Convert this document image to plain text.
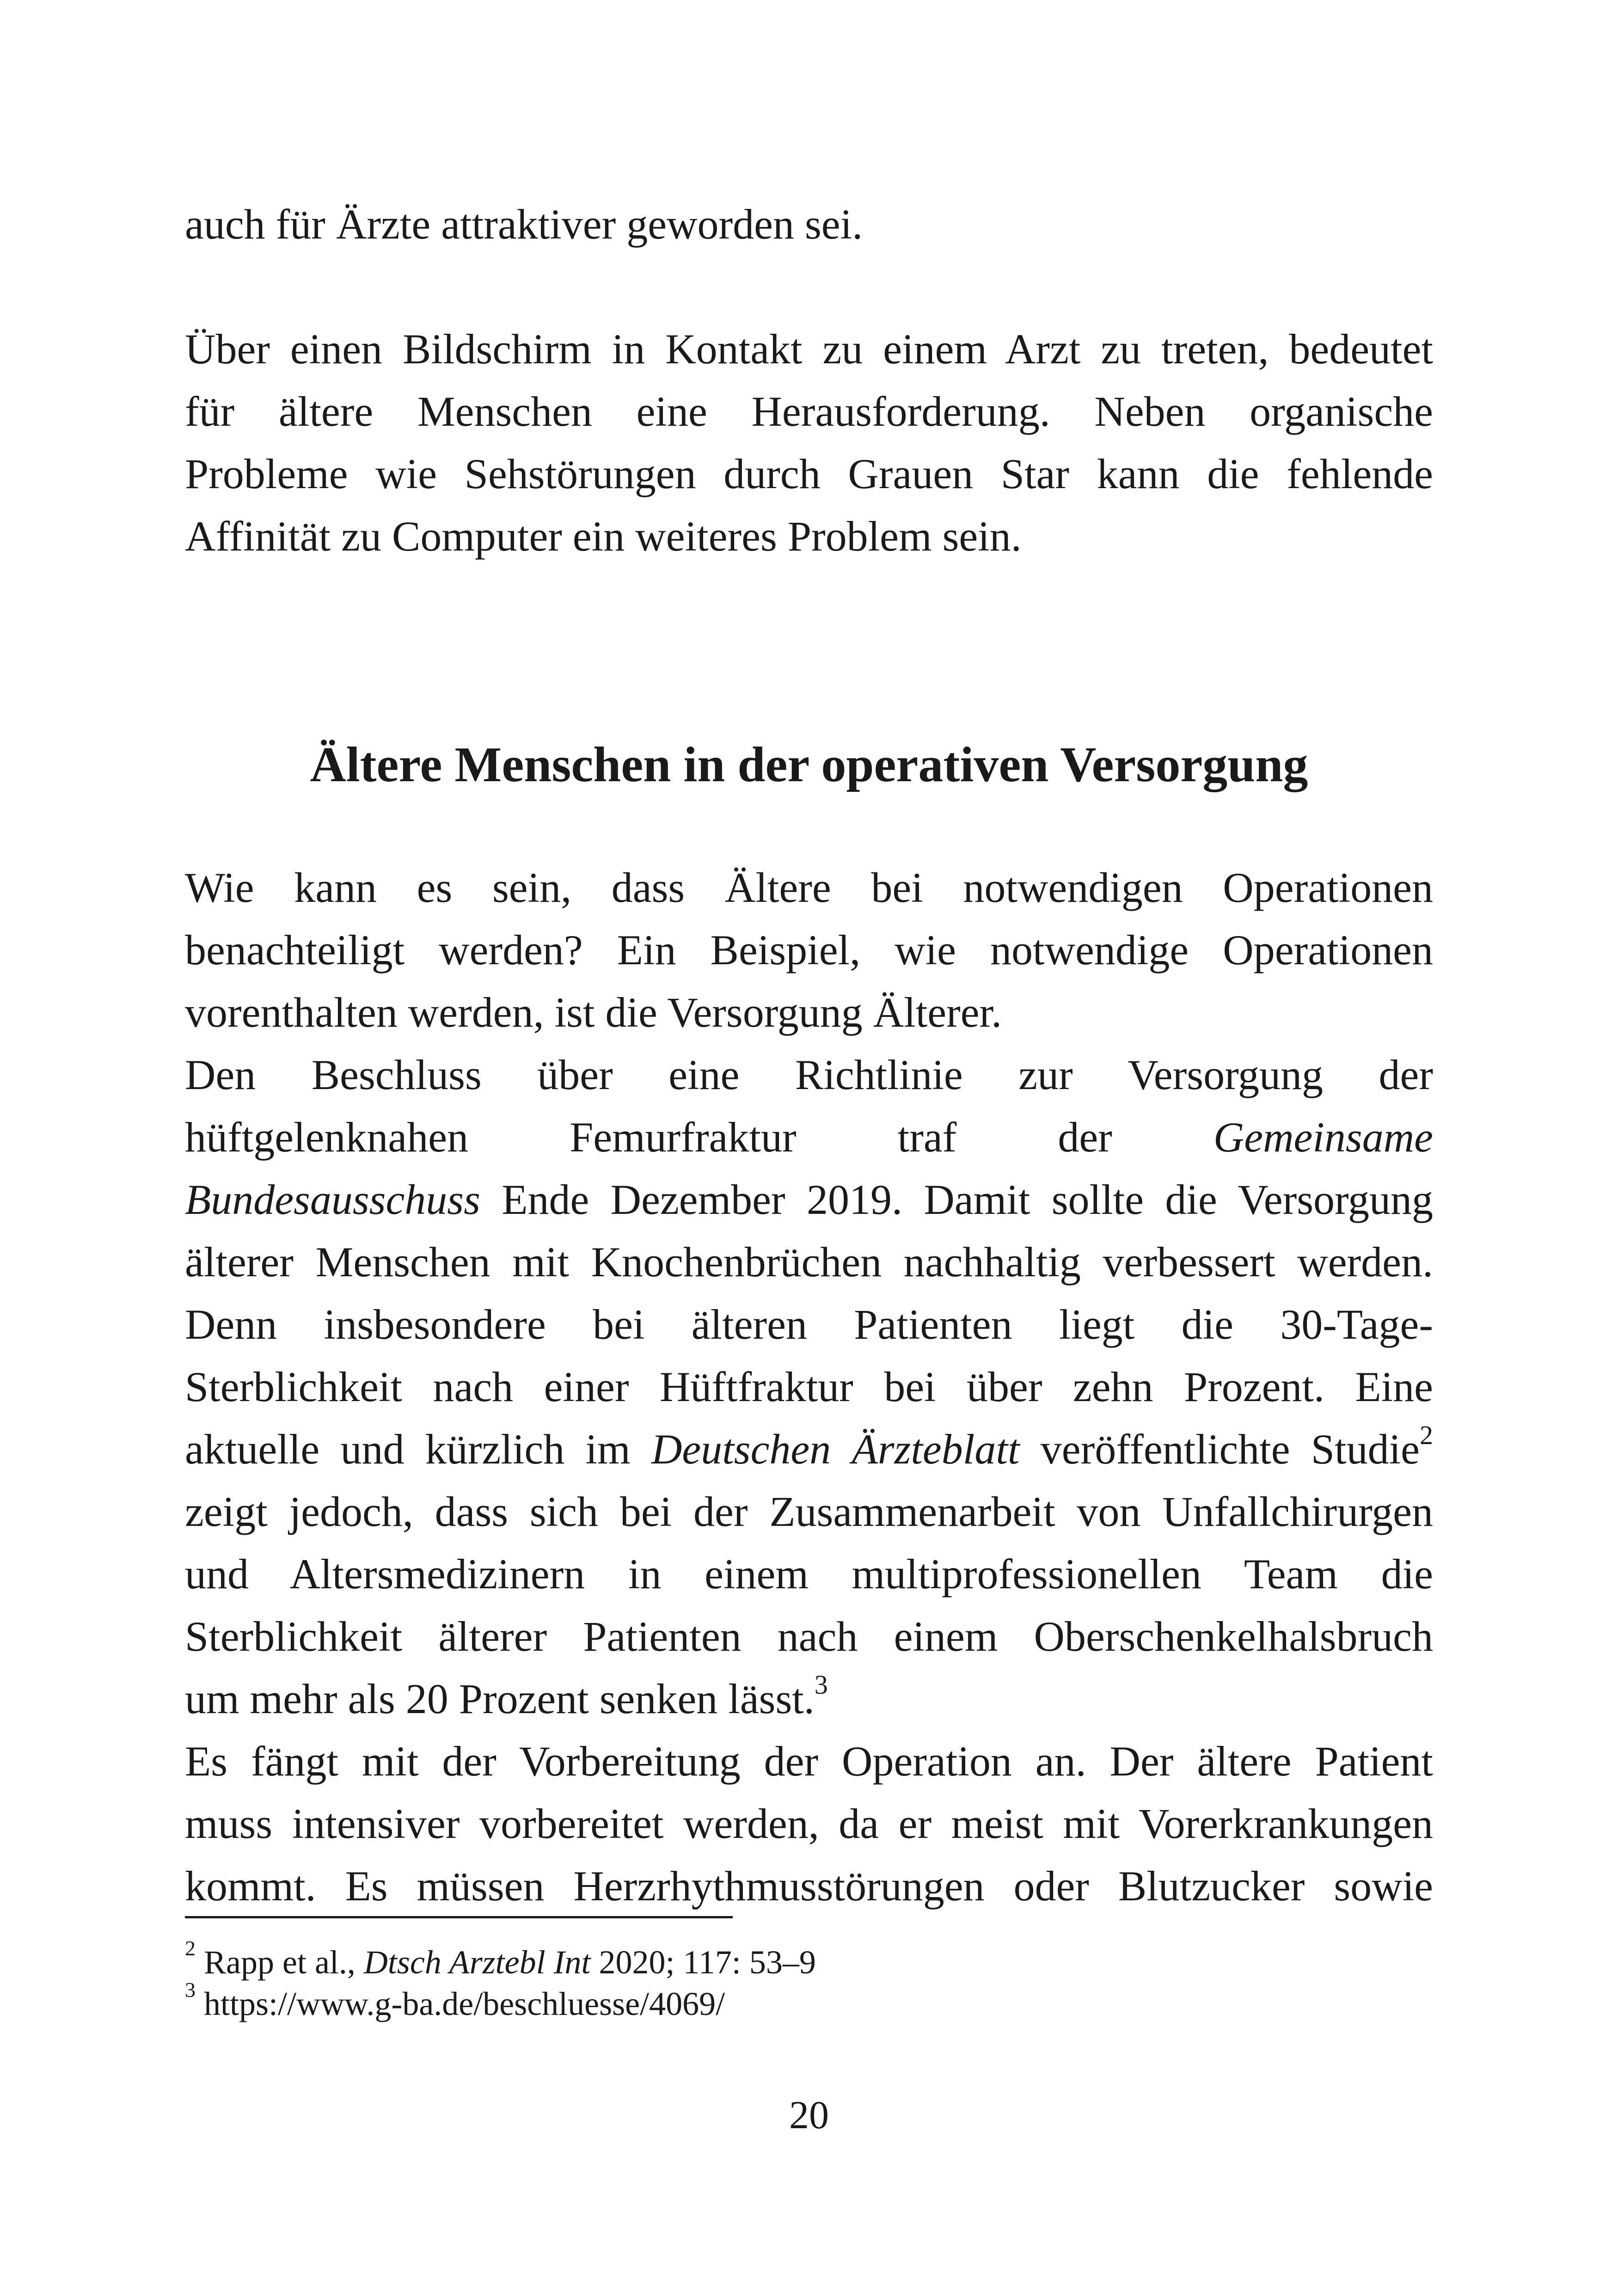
auch für Ärzte attraktiver geworden sei.

Über einen Bildschirm in Kontakt zu einem Arzt zu treten, bedeutet
für ältere Menschen eine Herausforderung. Neben organische
Probleme wie Sehstörungen durch Grauen Star kann die fehlende
Affinität zu Computer ein weiteres Problem sein.

Ältere Menschen in der operativen Versorgung

Wie kann es sein, dass Ältere bei notwendigen Operationen
benachteiligt werden? Ein Beispiel, wie notwendige Operationen
vorenthalten werden, ist die Versorgung Älterer.

Den Beschluss über eine Richtlinie zur Versorgung der
hüftgelenknahen Femurfraktur traf der Gemeinsame
Bundesausschuss Ende Dezember 2019. Damit sollte die Versorgung
älterer Menschen mit Knochenbrüchen nachhaltig verbessert werden.
Denn insbesondere bei älteren Patienten liegt die 30-Tage-
Sterblichkeit nach einer Hüftfraktur bei über zehn Prozent. Eine
aktuelle und kürzlich im Deutschen Ärzteblatt veröffentlichte Studie$^2$
zeigt jedoch, dass sich bei der Zusammenarbeit von Unfallchirurgen
und Altersmedizinern in einem multiprofessionellen Team die
Sterblichkeit älterer Patienten nach einem Oberschenkelhalsbruch
um mehr als 20 Prozent senken lässt.$^3$

Es fängt mit der Vorbereitung der Operation an. Der ältere Patient
muss intensiver vorbereitet werden, da er meist mit Vorerkrankungen
kommt. Es müssen Herzrhythmusstörungen oder Blutzucker sowie

$^2$ Rapp et al., Dtsch Arztebl Int 2020; 117: 53–9
$^3$ https://www.g-ba.de/beschluesse/4069/
20
